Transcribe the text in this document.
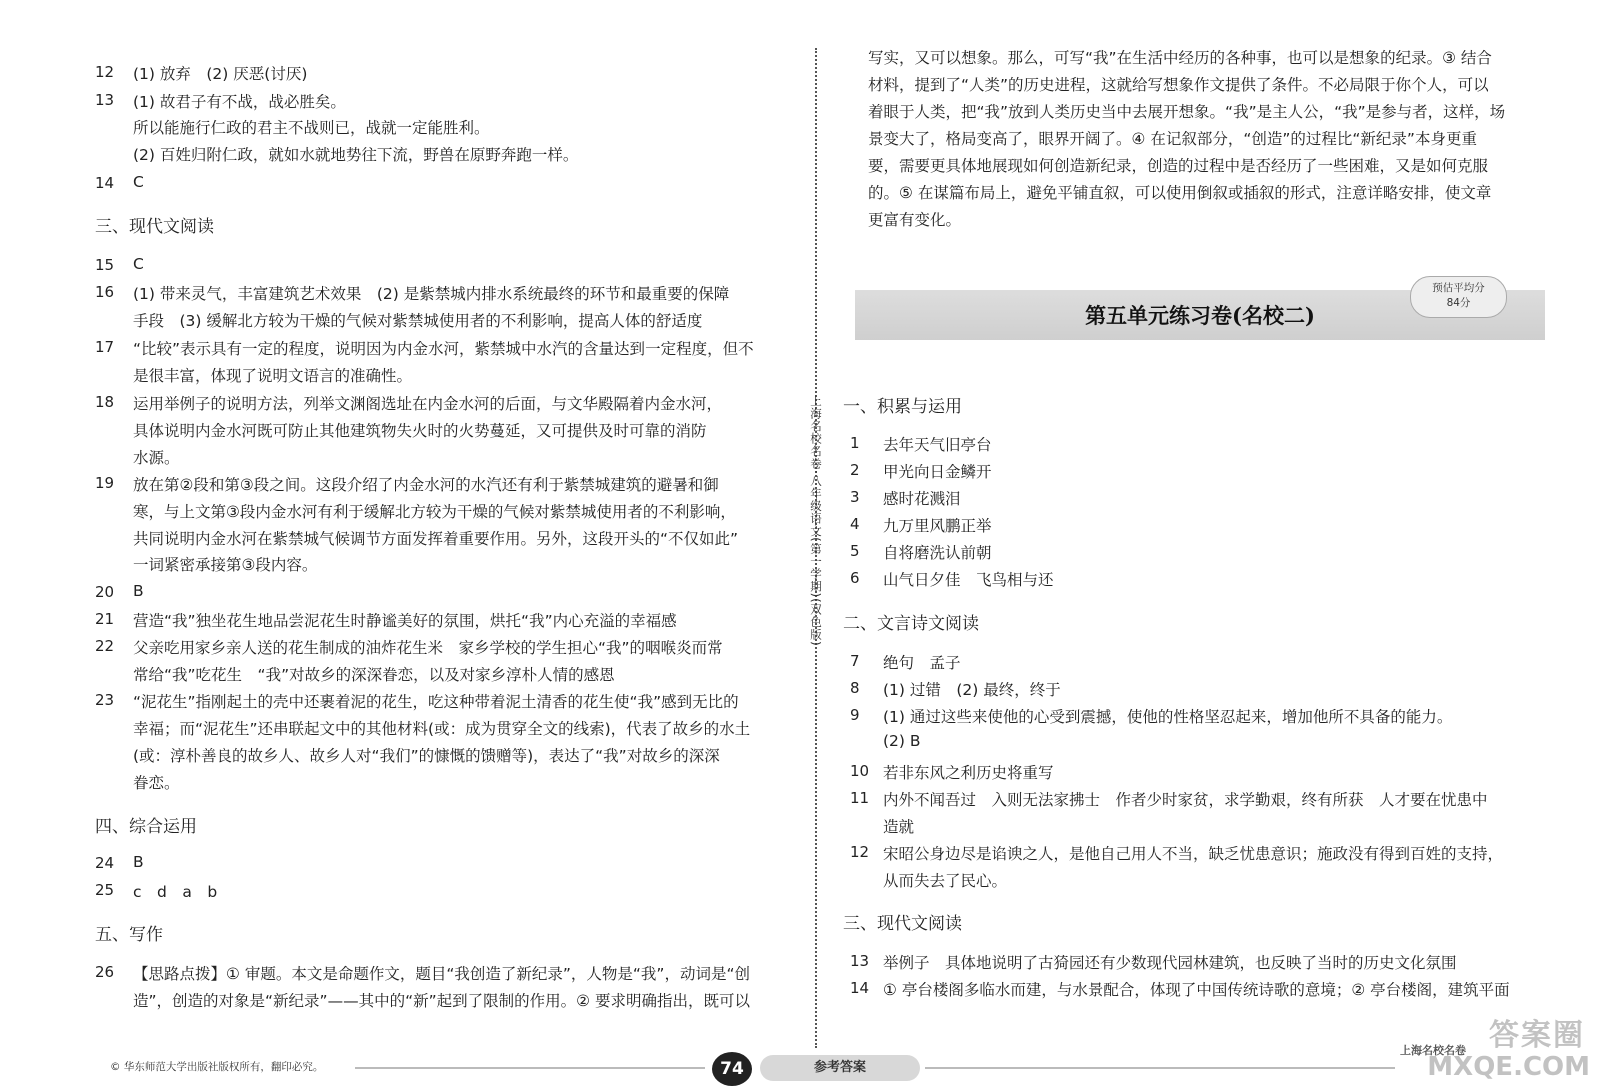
12	(1) 放弃　(2) 厌恶(讨厌)
13	(1) 故君子有不战，战必胜矣。
所以能施行仁政的君主不战则已，战就一定能胜利。
(2) 百姓归附仁政，就如水就地势往下流，野兽在原野奔跑一样。
14	C
三、现代文阅读
15	C
16	(1) 带来灵气，丰富建筑艺术效果　(2) 是紫禁城内排水系统最终的环节和最重要的保障
手段　(3) 缓解北方较为干燥的气候对紫禁城使用者的不利影响，提高人体的舒适度
17	“比较”表示具有一定的程度，说明因为内金水河，紫禁城中水汽的含量达到一定程度，但不
是很丰富，体现了说明文语言的准确性。
18	运用举例子的说明方法，列举文渊阁选址在内金水河的后面，与文华殿隔着内金水河，
具体说明内金水河既可防止其他建筑物失火时的火势蔓延，又可提供及时可靠的消防
水源。
19	放在第②段和第③段之间。这段介绍了内金水河的水汽还有利于紫禁城建筑的避暑和御
寒，与上文第③段内金水河有利于缓解北方较为干燥的气候对紫禁城使用者的不利影响，
共同说明内金水河在紫禁城气候调节方面发挥着重要作用。另外，这段开头的“不仅如此”
一词紧密承接第③段内容。
20	B
21	营造“我”独坐花生地品尝泥花生时静谧美好的氛围，烘托“我”内心充溢的幸福感
22	父亲吃用家乡亲人送的花生制成的油炸花生米　家乡学校的学生担心“我”的咽喉炎而常
常给“我”吃花生　“我”对故乡的深深眷恋，以及对家乡淳朴人情的感恩
23	“泥花生”指刚起土的壳中还裹着泥的花生，吃这种带着泥土清香的花生使“我”感到无比的
幸福；而“泥花生”还串联起文中的其他材料(或：成为贯穿全文的线索)，代表了故乡的水土
(或：淳朴善良的故乡人、故乡人对“我们”的慷慨的馈赠等)，表达了“我”对故乡的深深
眷恋。
四、综合运用
24	B
25	c　d　a　b
五、写作
26	【思路点拨】① 审题。本文是命题作文，题目“我创造了新纪录”，人物是“我”，动词是“创
造”，创造的对象是“新纪录”——其中的“新”起到了限制的作用。② 要求明确指出，既可以
上海名校名卷·八年级语文(第一学期)(双色版)
写实，又可以想象。那么，可写“我”在生活中经历的各种事，也可以是想象的纪录。③ 结合
材料，提到了“人类”的历史进程，这就给写想象作文提供了条件。不必局限于你个人，可以
着眼于人类，把“我”放到人类历史当中去展开想象。“我”是主人公，“我”是参与者，这样，场
景变大了，格局变高了，眼界开阔了。④ 在记叙部分，“创造”的过程比“新纪录”本身更重
要，需要更具体地展现如何创造新纪录，创造的过程中是否经历了一些困难，又是如何克服
的。⑤ 在谋篇布局上，避免平铺直叙，可以使用倒叙或插叙的形式，注意详略安排，使文章
更富有变化。
第五单元练习卷(名校二)
预估平均分
84分
一、积累与运用
1	去年天气旧亭台
2	甲光向日金鳞开
3	感时花溅泪
4	九万里风鹏正举
5	自将磨洗认前朝
6	山气日夕佳　飞鸟相与还
二、文言诗文阅读
7	绝句　孟子
8	(1) 过错　(2) 最终，终于
9	(1) 通过这些来使他的心受到震撼，使他的性格坚忍起来，增加他所不具备的能力。
(2) B
10 若非东风之利历史将重写
11 内外不闻吾过　入则无法家拂士　作者少时家贫，求学勤艰，终有所获　人才要在忧患中
造就
12 宋昭公身边尽是谄谀之人，是他自己用人不当，缺乏忧患意识；施政没有得到百姓的支持，
从而失去了民心。
三、现代文阅读
13 举例子　具体地说明了古猗园还有少数现代园林建筑，也反映了当时的历史文化氛围
14 ① 亭台楼阁多临水而建，与水景配合，体现了中国传统诗歌的意境；② 亭台楼阁，建筑平面
© 华东师范大学出版社版权所有，翻印必究。	74	参考答案
答案圈
上海名校名卷
MXQE.COM
